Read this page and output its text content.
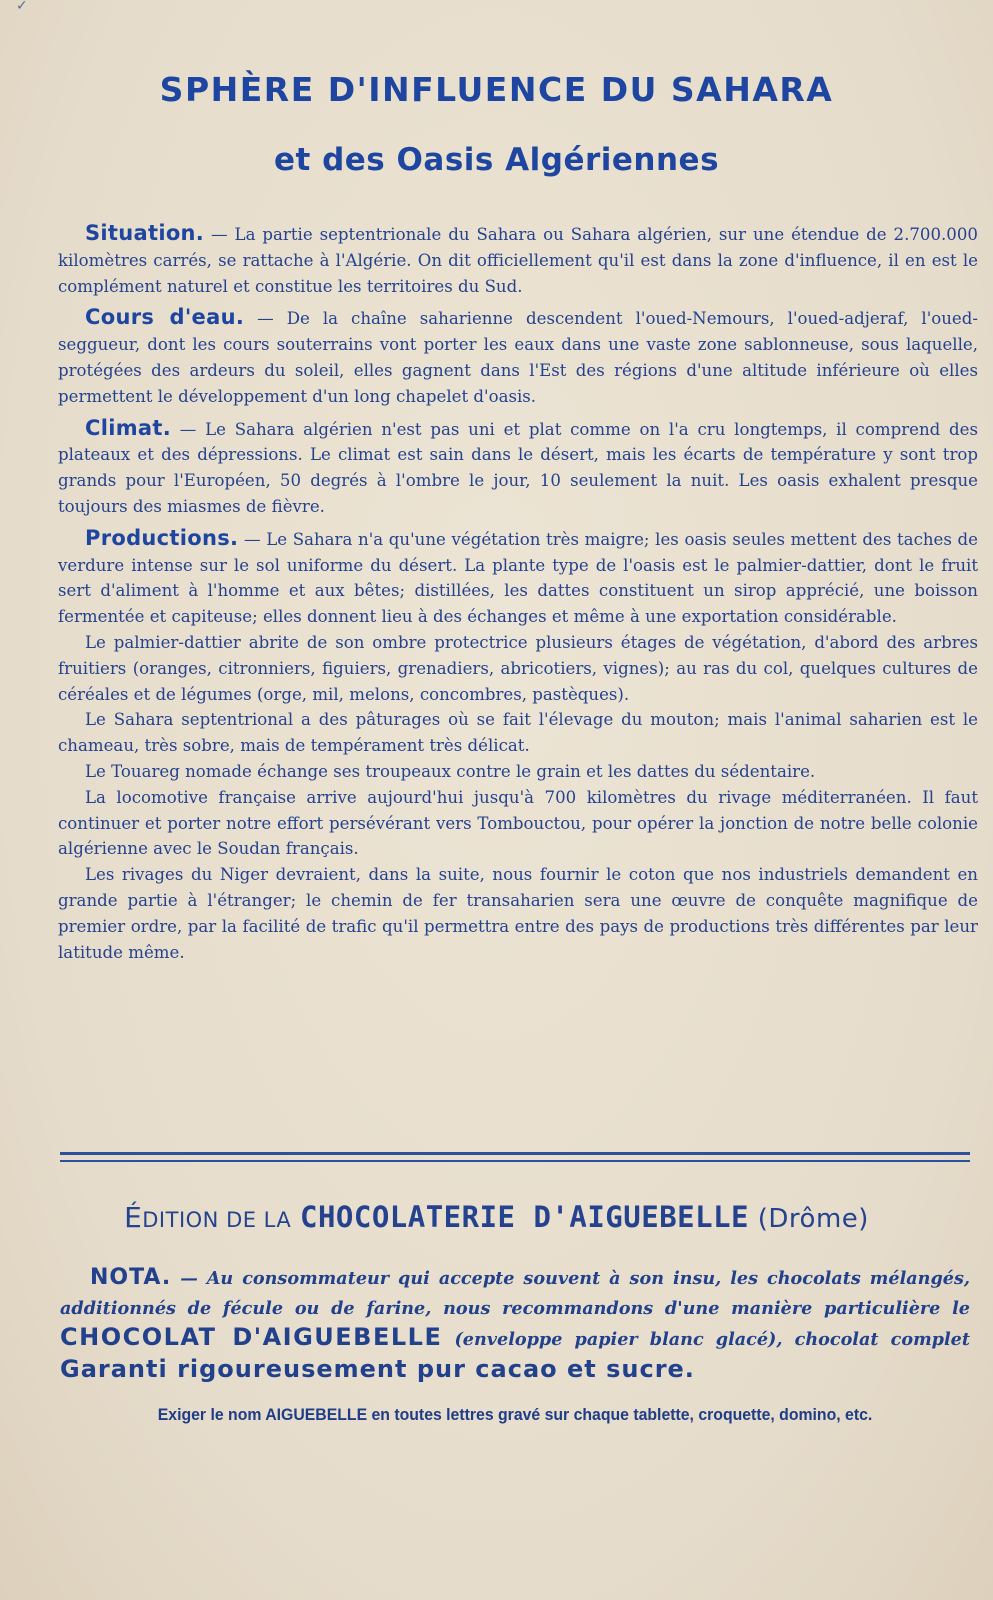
✓
SPHÈRE D'INFLUENCE DU SAHARA
et des Oasis Algériennes

Situation. — La partie septentrionale du Sahara ou Sahara algérien, sur une étendue de 2.700.000 kilomètres carrés, se rattache à l'Algérie. On dit officiellement qu'il est dans la zone d'influence, il en est le complément naturel et constitue les territoires du Sud.

Cours d'eau. — De la chaîne saharienne descendent l'oued-Nemours, l'oued-adjeraf, l'oued-seggueur, dont les cours souterrains vont porter les eaux dans une vaste zone sablonneuse, sous laquelle, protégées des ardeurs du soleil, elles gagnent dans l'Est des régions d'une altitude inférieure où elles permettent le développement d'un long chapelet d'oasis.

Climat. — Le Sahara algérien n'est pas uni et plat comme on l'a cru longtemps, il comprend des plateaux et des dépressions. Le climat est sain dans le désert, mais les écarts de température y sont trop grands pour l'Européen, 50 degrés à l'ombre le jour, 10 seulement la nuit. Les oasis exhalent presque toujours des miasmes de fièvre.

Productions. — Le Sahara n'a qu'une végétation très maigre; les oasis seules mettent des taches de verdure intense sur le sol uniforme du désert. La plante type de l'oasis est le palmier-dattier, dont le fruit sert d'aliment à l'homme et aux bêtes; distillées, les dattes constituent un sirop apprécié, une boisson fermentée et capiteuse; elles donnent lieu à des échanges et même à une exportation considérable.

Le palmier-dattier abrite de son ombre protectrice plusieurs étages de végétation, d'abord des arbres fruitiers (oranges, citronniers, figuiers, grenadiers, abricotiers, vignes); au ras du col, quelques cultures de céréales et de légumes (orge, mil, melons, concombres, pastèques).

Le Sahara septentrional a des pâturages où se fait l'élevage du mouton; mais l'animal saharien est le chameau, très sobre, mais de tempérament très délicat.

Le Touareg nomade échange ses troupeaux contre le grain et les dattes du sédentaire.

La locomotive française arrive aujourd'hui jusqu'à 700 kilomètres du rivage méditerranéen. Il faut continuer et porter notre effort persévérant vers Tombouctou, pour opérer la jonction de notre belle colonie algérienne avec le Soudan français.

Les rivages du Niger devraient, dans la suite, nous fournir le coton que nos industriels demandent en grande partie à l'étranger; le chemin de fer transaharien sera une œuvre de conquête magnifique de premier ordre, par la facilité de trafic qu'il permettra entre des pays de productions très différentes par leur latitude même.

ÉDITION DE LA CHOCOLATERIE D'AIGUEBELLE (Drôme)
NOTA. — Au consommateur qui accepte souvent à son insu, les chocolats mélangés, additionnés de fécule ou de farine, nous recommandons d'une manière particulière le CHOCOLAT D'AIGUEBELLE (enveloppe papier blanc glacé), chocolat complet Garanti rigoureusement pur cacao et sucre.
Exiger le nom AIGUEBELLE en toutes lettres gravé sur chaque tablette, croquette, domino, etc.
